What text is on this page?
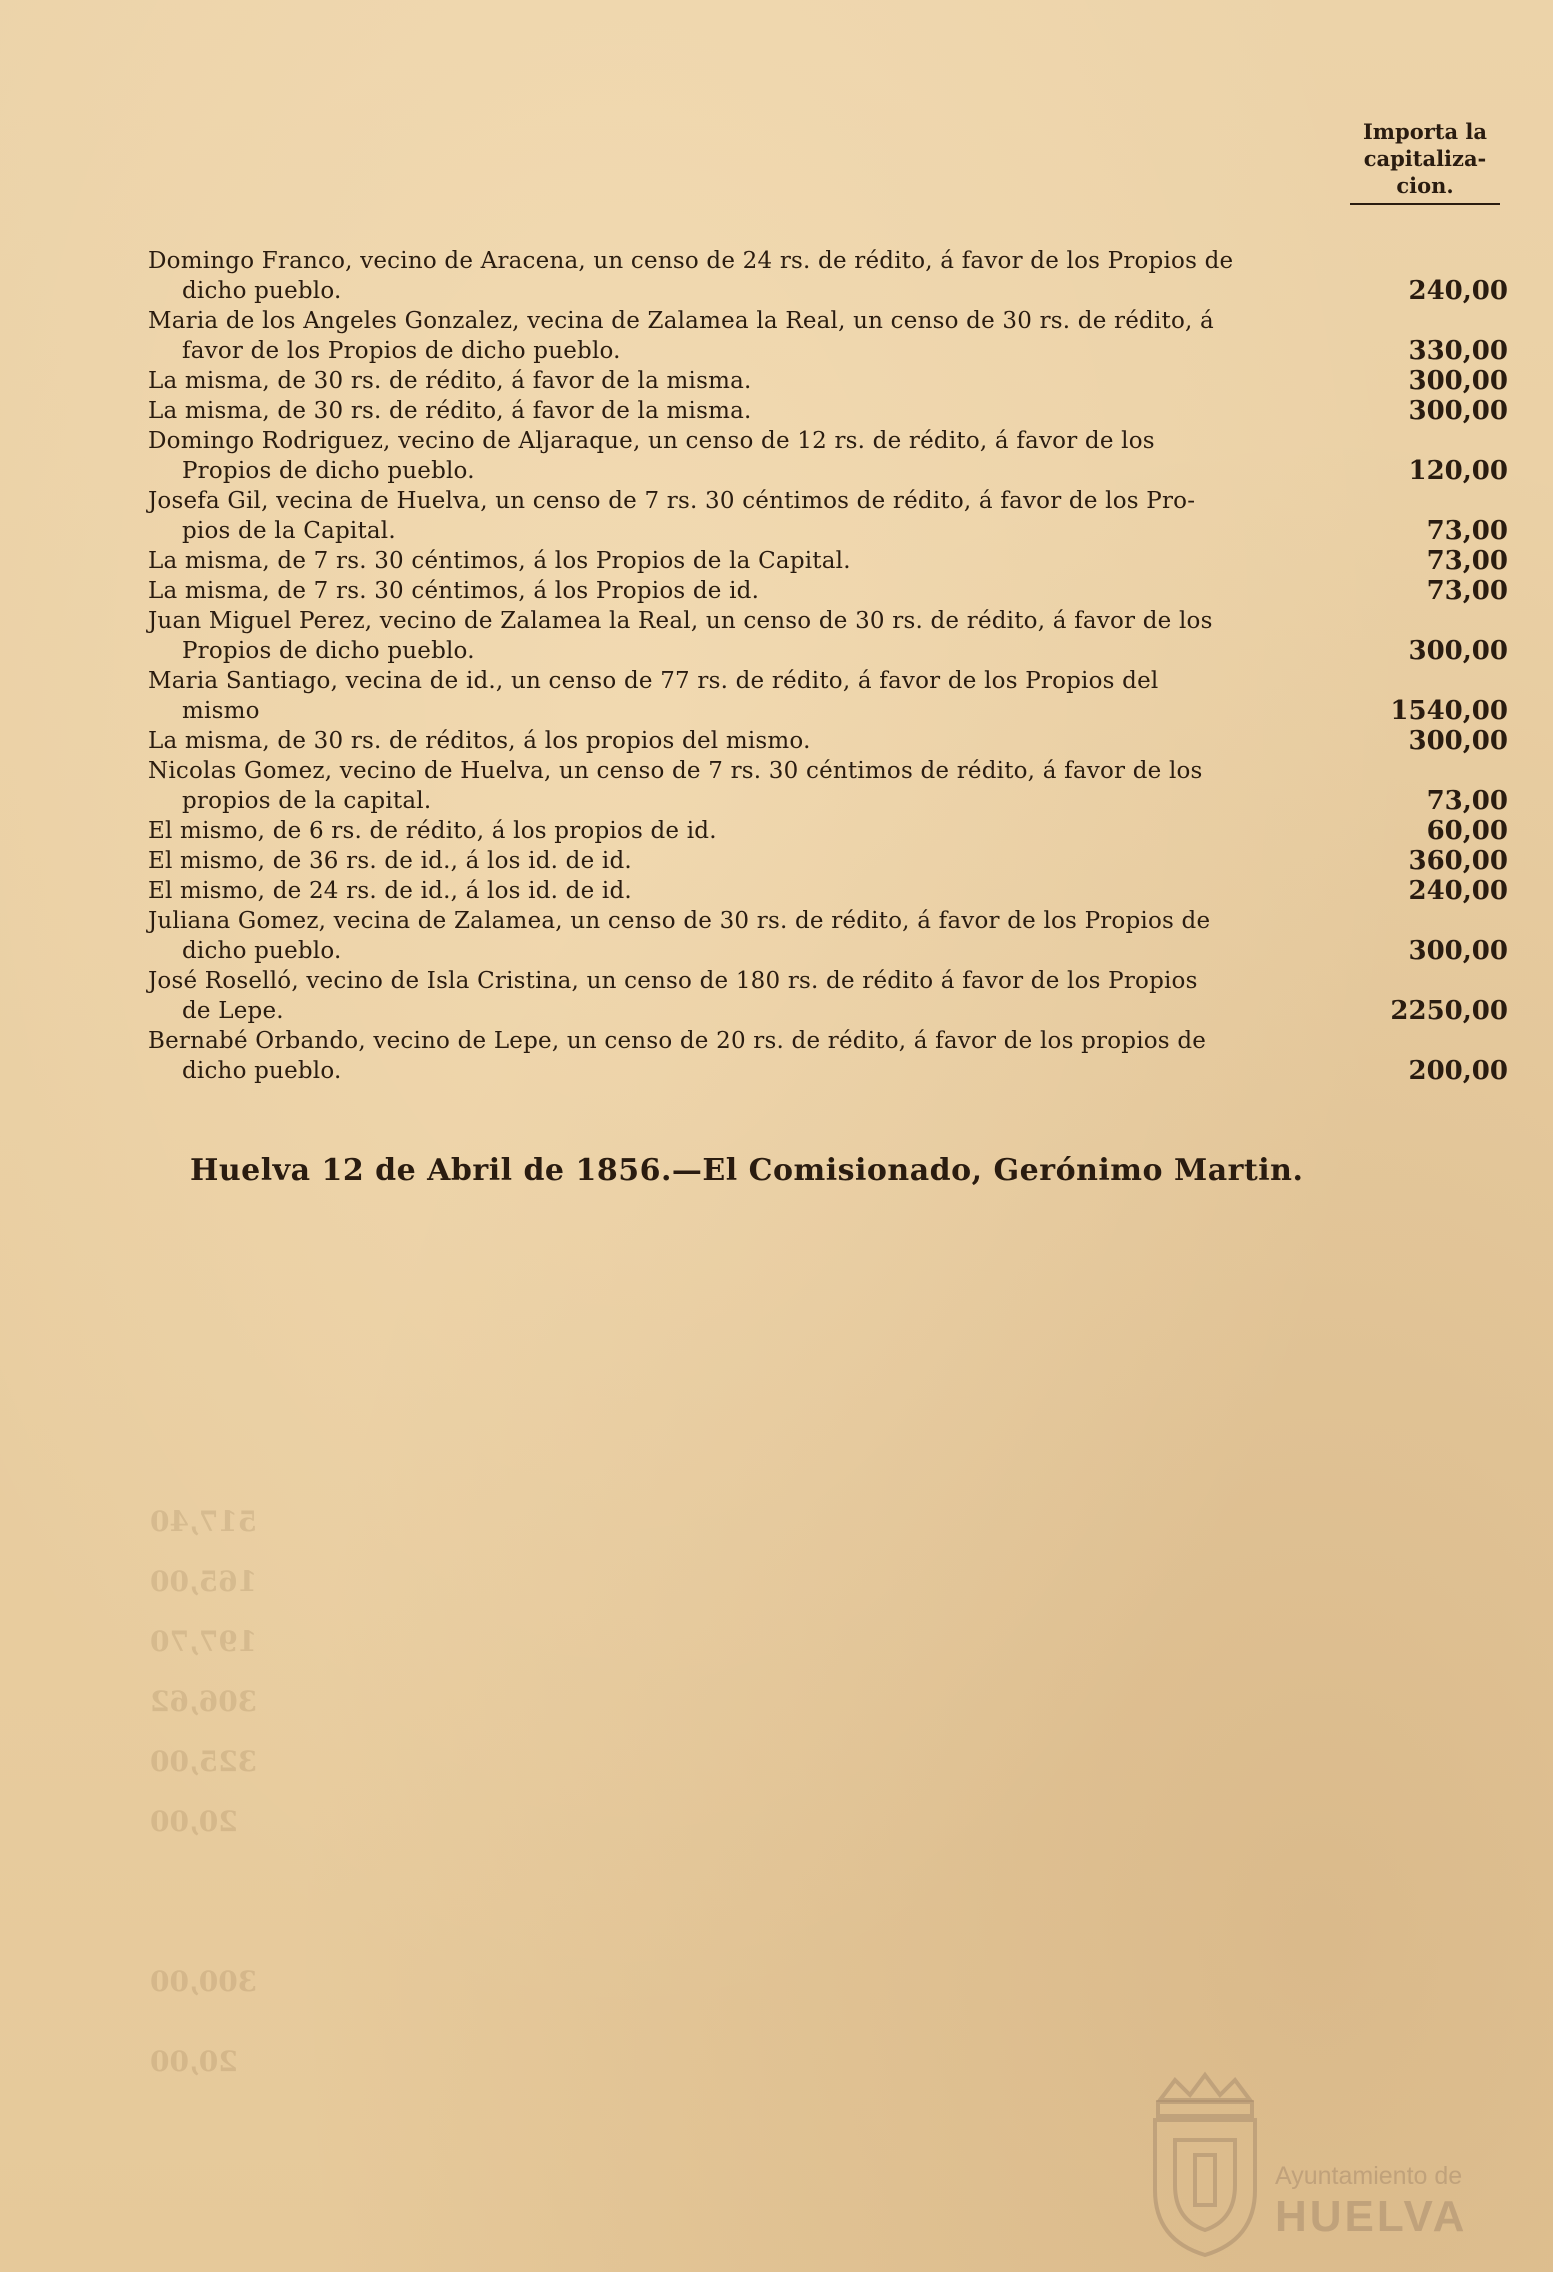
517,40
165,00
197,70
306,62
325,00
20,00
300,00
20,00
Importa la
capitaliza-
cion.
Domingo Franco, vecino de Aracena, un censo de 24 rs. de rédito, á favor de los Propios de
dicho pueblo.	240,00
Maria de los Angeles Gonzalez, vecina de Zalamea la Real, un censo de 30 rs. de rédito, á
favor de los Propios de dicho pueblo.	330,00
La misma, de 30 rs. de rédito, á favor de la misma.	300,00
La misma, de 30 rs. de rédito, á favor de la misma.	300,00
Domingo Rodriguez, vecino de Aljaraque, un censo de 12 rs. de rédito, á favor de los
Propios de dicho pueblo.	120,00
Josefa Gil, vecina de Huelva, un censo de 7 rs. 30 céntimos de rédito, á favor de los Pro-
pios de la Capital.	73,00
La misma, de 7 rs. 30 céntimos, á los Propios de la Capital.	73,00
La misma, de 7 rs. 30 céntimos, á los Propios de id.	73,00
Juan Miguel Perez, vecino de Zalamea la Real, un censo de 30 rs. de rédito, á favor de los
Propios de dicho pueblo.	300,00
Maria Santiago, vecina de id., un censo de 77 rs. de rédito, á favor de los Propios del
mismo	1540,00
La misma, de 30 rs. de réditos, á los propios del mismo.	300,00
Nicolas Gomez, vecino de Huelva, un censo de 7 rs. 30 céntimos de rédito, á favor de los
propios de la capital.	73,00
El mismo, de 6 rs. de rédito, á los propios de id.	60,00
El mismo, de 36 rs. de id., á los id. de id.	360,00
El mismo, de 24 rs. de id., á los id. de id.	240,00
Juliana Gomez, vecina de Zalamea, un censo de 30 rs. de rédito, á favor de los Propios de
dicho pueblo.	300,00
José Roselló, vecino de Isla Cristina, un censo de 180 rs. de rédito á favor de los Propios
de Lepe.	2250,00
Bernabé Orbando, vecino de Lepe, un censo de 20 rs. de rédito, á favor de los propios de
dicho pueblo.	200,00
Huelva 12 de Abril de 1856.—El Comisionado, Gerónimo Martin.
Ayuntamiento de
HUELVA
